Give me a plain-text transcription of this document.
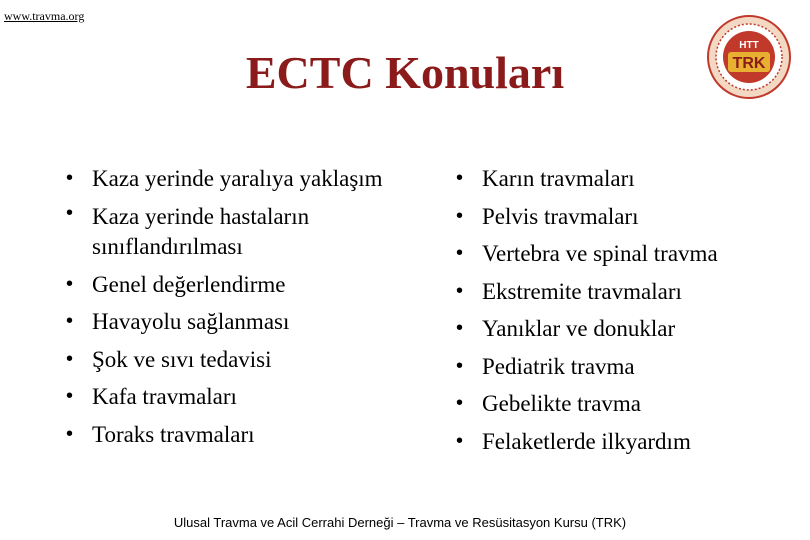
www.travma.org
ECTC Konuları
HTT
TRK
• Kaza yerinde yaralıya yaklaşım
• Kaza yerinde hastaların sınıflandırılması
• Genel değerlendirme
• Havayolu sağlanması
• Şok ve sıvı tedavisi
• Kafa travmaları
• Toraks travmaları
• Karın travmaları
• Pelvis travmaları
• Vertebra ve spinal travma
• Ekstremite travmaları
• Yanıklar ve donuklar
• Pediatrik travma
• Gebelikte travma
• Felaketlerde ilkyardım
Ulusal Travma ve Acil Cerrahi Derneği – Travma ve Resüsitasyon Kursu (TRK)
